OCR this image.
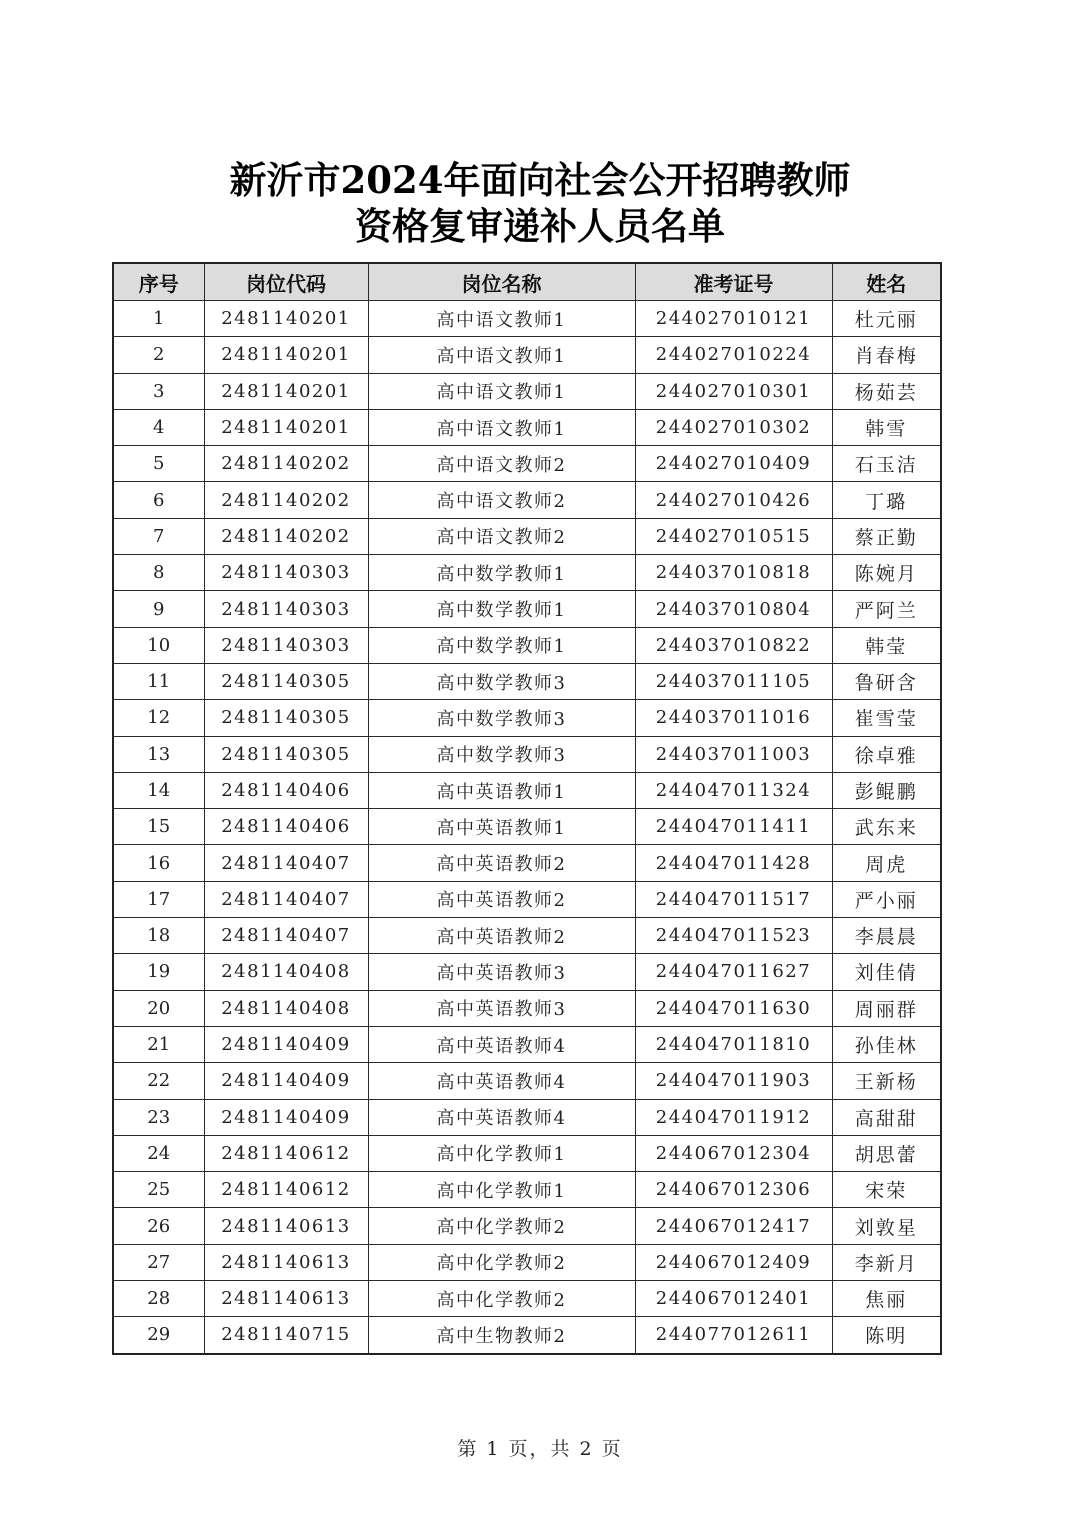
新沂市2024年面向社会公开招聘教师
资格复审递补人员名单
序号	岗位代码	岗位名称	准考证号	姓名
1	2481140201	高中语文教师1	244027010121	杜元丽
2	2481140201	高中语文教师1	244027010224	肖春梅
3	2481140201	高中语文教师1	244027010301	杨茹芸
4	2481140201	高中语文教师1	244027010302	韩雪
5	2481140202	高中语文教师2	244027010409	石玉洁
6	2481140202	高中语文教师2	244027010426	丁璐
7	2481140202	高中语文教师2	244027010515	蔡正勤
8	2481140303	高中数学教师1	244037010818	陈婉月
9	2481140303	高中数学教师1	244037010804	严阿兰
10	2481140303	高中数学教师1	244037010822	韩莹
11	2481140305	高中数学教师3	244037011105	鲁研含
12	2481140305	高中数学教师3	244037011016	崔雪莹
13	2481140305	高中数学教师3	244037011003	徐卓雅
14	2481140406	高中英语教师1	244047011324	彭鲲鹏
15	2481140406	高中英语教师1	244047011411	武东来
16	2481140407	高中英语教师2	244047011428	周虎
17	2481140407	高中英语教师2	244047011517	严小丽
18	2481140407	高中英语教师2	244047011523	李晨晨
19	2481140408	高中英语教师3	244047011627	刘佳倩
20	2481140408	高中英语教师3	244047011630	周丽群
21	2481140409	高中英语教师4	244047011810	孙佳林
22	2481140409	高中英语教师4	244047011903	王新杨
23	2481140409	高中英语教师4	244047011912	高甜甜
24	2481140612	高中化学教师1	244067012304	胡思蕾
25	2481140612	高中化学教师1	244067012306	宋荣
26	2481140613	高中化学教师2	244067012417	刘敦星
27	2481140613	高中化学教师2	244067012409	李新月
28	2481140613	高中化学教师2	244067012401	焦丽
29	2481140715	高中生物教师2	244077012611	陈明
第 1 页，共 2 页
